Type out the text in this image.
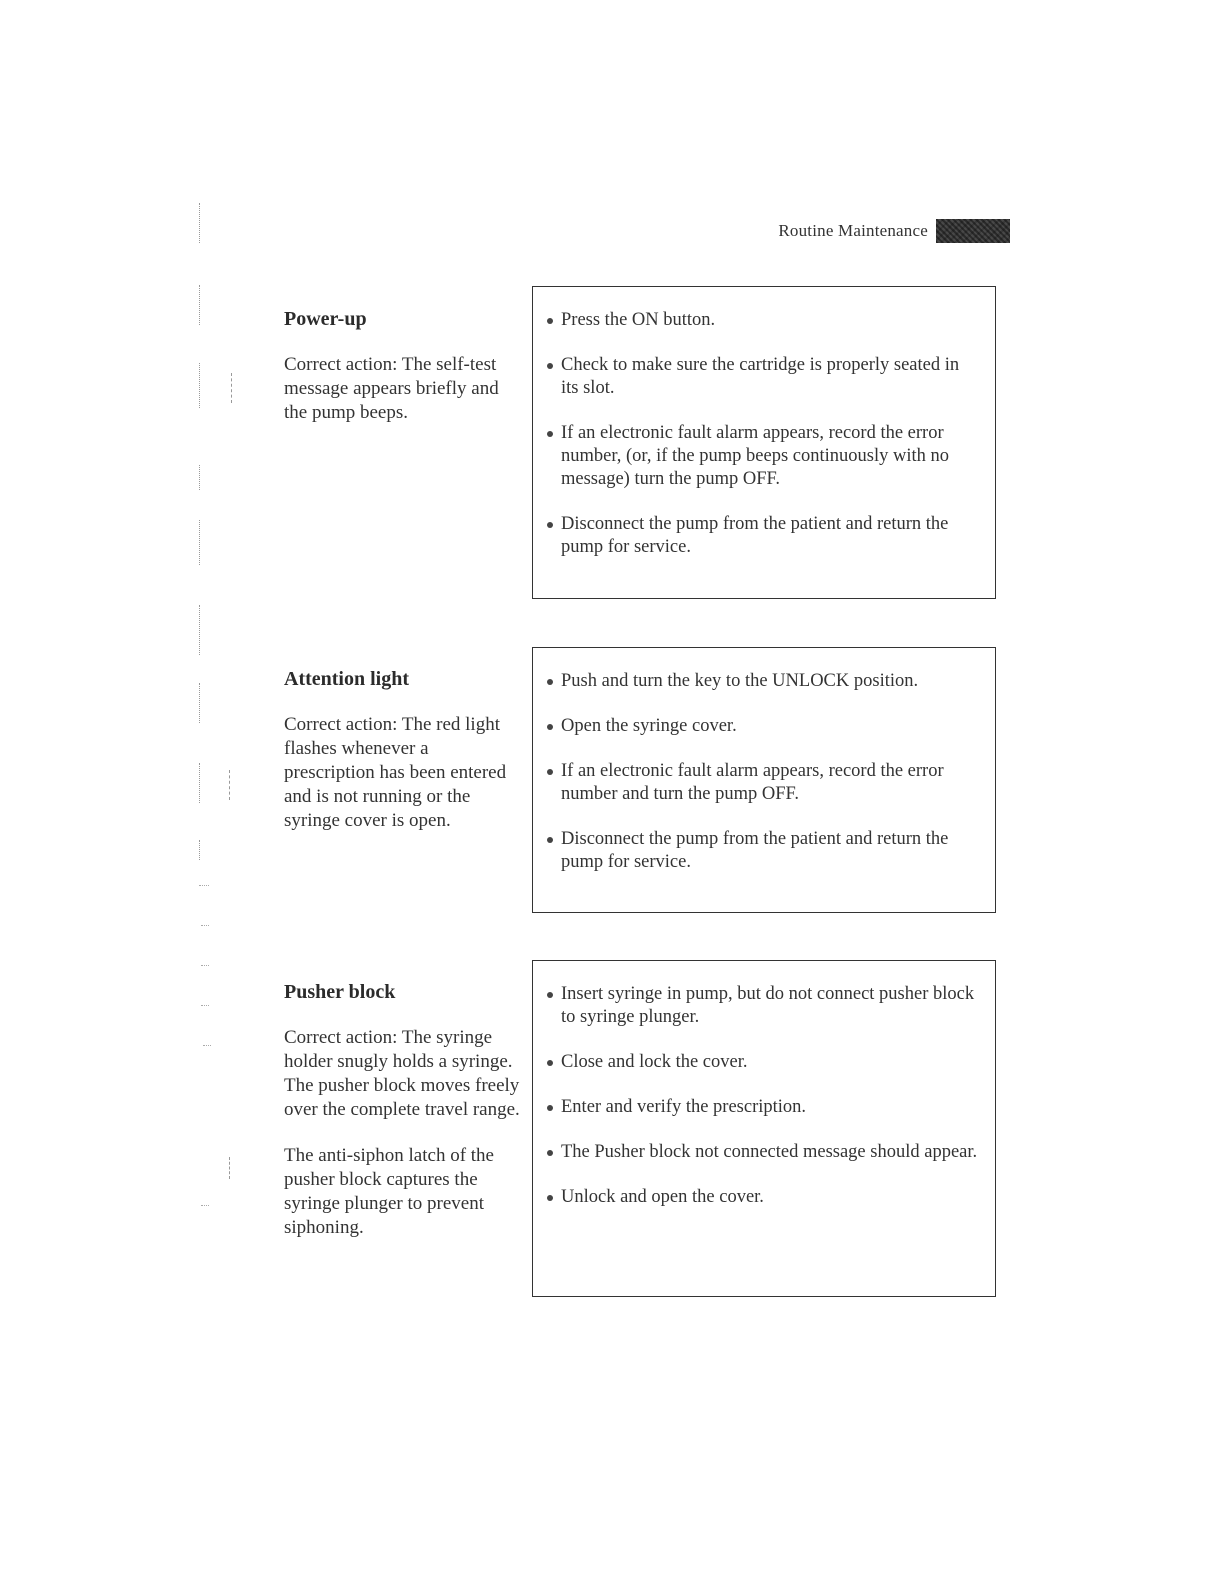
Routine Maintenance
Power-up

Correct action: The self-test message appears briefly and the pump beeps.

Press the ON button.
Check to make sure the cartridge is properly seated in its slot.
If an electronic fault alarm appears, record the error number, (or, if the pump beeps continuously with no message) turn the pump OFF.
Disconnect the pump from the patient and return the pump for service.
Attention light

Correct action: The red light flashes whenever a prescription has been entered and is not running or the syringe cover is open.

Push and turn the key to the UNLOCK position.
Open the syringe cover.
If an electronic fault alarm appears, record the error number and turn the pump OFF.
Disconnect the pump from the patient and return the pump for service.
Pusher block

Correct action: The syringe holder snugly holds a syringe. The pusher block moves freely over the complete travel range.

The anti-siphon latch of the pusher block captures the syringe plunger to prevent siphoning.

Insert syringe in pump, but do not connect pusher block to syringe plunger.
Close and lock the cover.
Enter and verify the prescription.
The Pusher block not connected message should appear.
Unlock and open the cover.
